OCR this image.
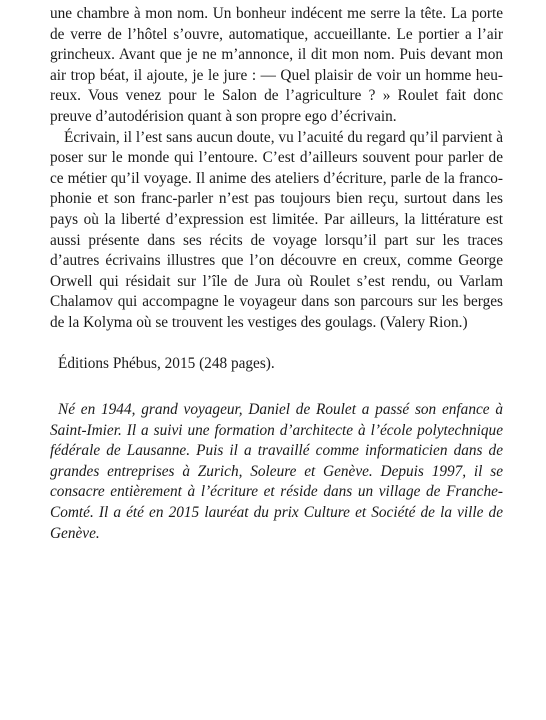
une chambre à mon nom. Un bonheur indécent me serre la tête. La porte de verre de l’hôtel s’ouvre, automatique, accueillante. Le portier a l’air grincheux. Avant que je ne m’annonce, il dit mon nom. Puis devant mon air trop béat, il ajoute, je le jure : — Quel plaisir de voir un homme heureux. Vous venez pour le Salon de l’agriculture ? » Roulet fait donc preuve d’autodérision quant à son propre ego d’écrivain.

Écrivain, il l’est sans aucun doute, vu l’acuité du regard qu’il parvient à poser sur le monde qui l’entoure. C’est d’ailleurs souvent pour parler de ce métier qu’il voyage. Il anime des ateliers d’écriture, parle de la francophonie et son franc-parler n’est pas toujours bien reçu, surtout dans les pays où la liberté d’expression est limitée. Par ailleurs, la littérature est aussi présente dans ses récits de voyage lorsqu’il part sur les traces d’autres écrivains illustres que l’on découvre en creux, comme George Orwell qui résidait sur l’île de Jura où Roulet s’est rendu, ou Varlam Chalamov qui accompagne le voyageur dans son parcours sur les berges de la Kolyma où se trouvent les vestiges des goulags. (Valery Rion.)

Éditions Phébus, 2015 (248 pages).

Né en 1944, grand voyageur, Daniel de Roulet a passé son enfance à Saint-Imier. Il a suivi une formation d’architecte à l’école polytechnique fédérale de Lausanne. Puis il a travaillé comme informaticien dans de grandes entreprises à Zurich, Soleure et Genève. Depuis 1997, il se consacre entièrement à l’écriture et réside dans un village de Franche-Comté. Il a été en 2015 lauréat du prix Culture et Société de la ville de Genève.
